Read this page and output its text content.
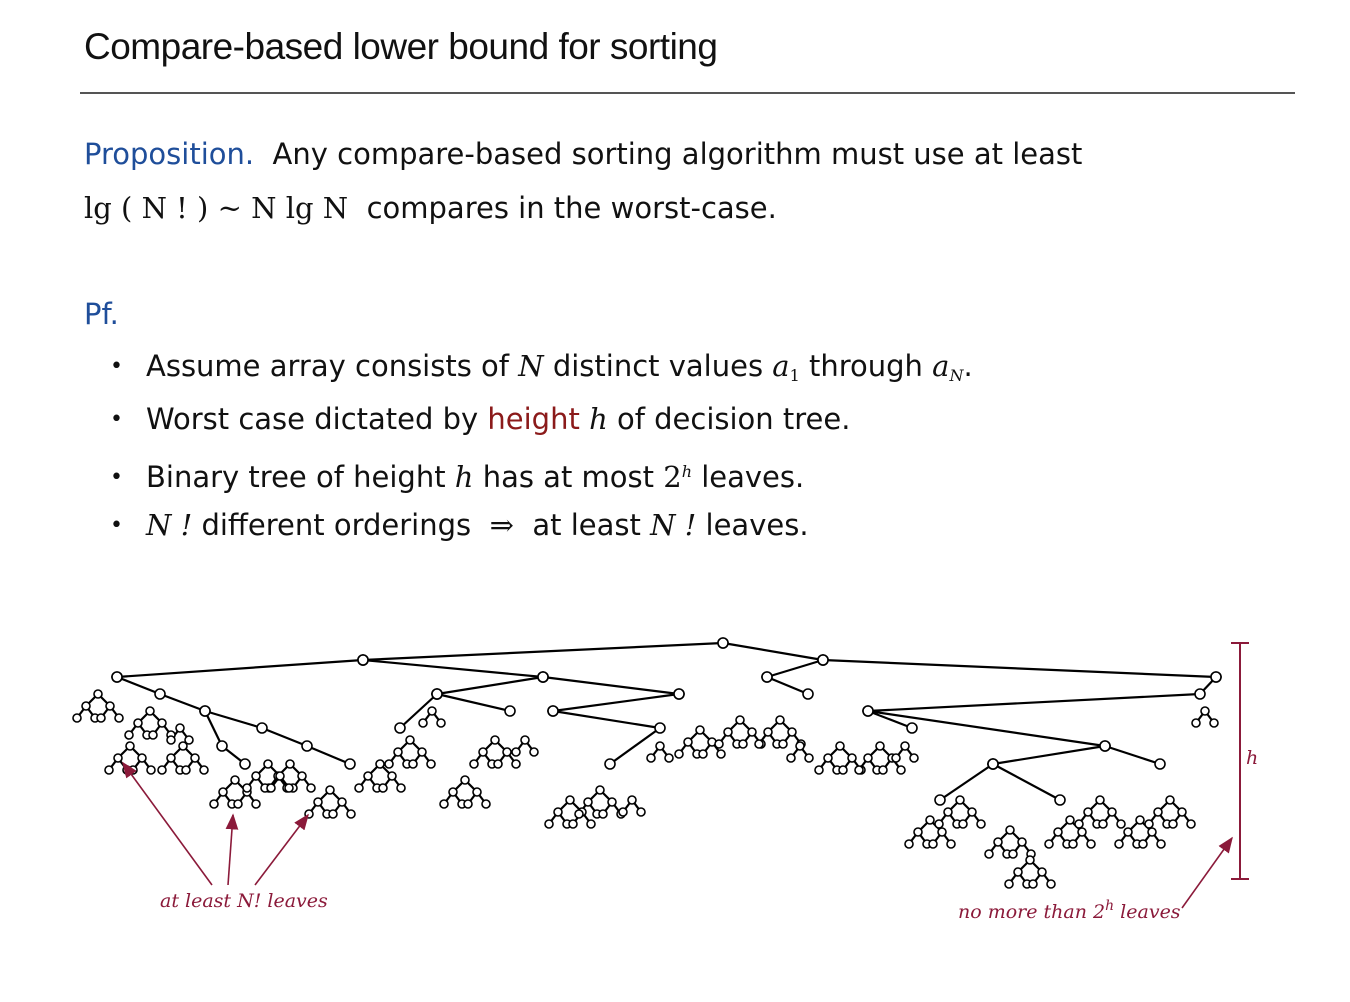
Compare-based lower bound for sorting
Proposition. Any compare-based sorting algorithm must use at least
lg ( N ! ) ~ N lg N compares in the worst-case.
Pf.
• Assume array consists of N distinct values $a_1$ through $a_N$.
• Worst case dictated by height h of decision tree.
• Binary tree of height h has at most 2$^h$ leaves.
• N ! different orderings ⇒ at least N ! leaves.
h
at least N! leaves	no more than 2$^h$ leaves
